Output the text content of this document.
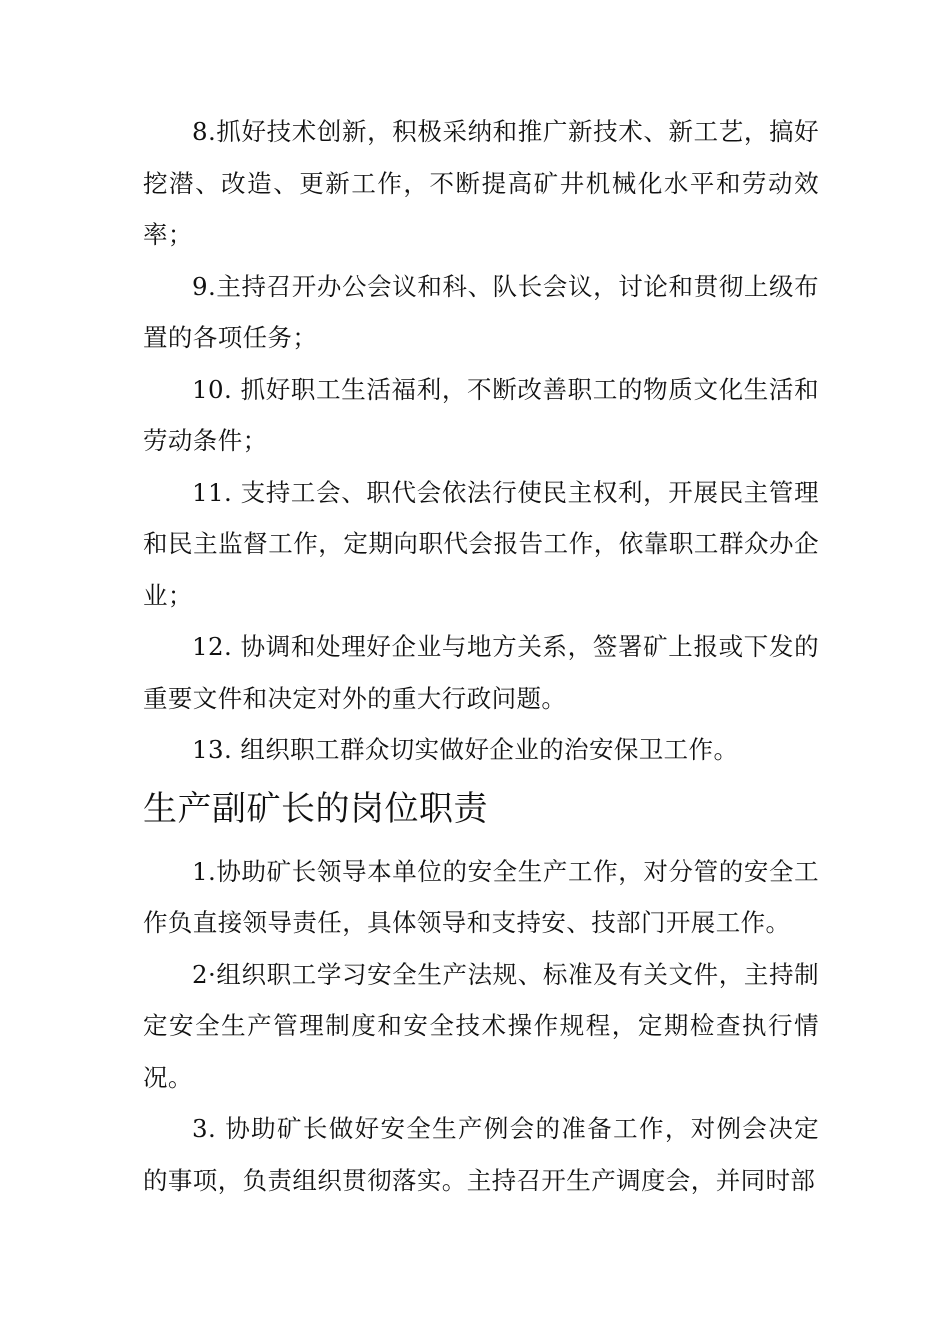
8.抓好技术创新，积极采纳和推广新技术、新工艺，搞好挖潜、改造、更新工作，不断提高矿井机械化水平和劳动效率；

9.主持召开办公会议和科、队长会议，讨论和贯彻上级布置的各项任务；

10. 抓好职工生活福利，不断改善职工的物质文化生活和劳动条件；

11. 支持工会、职代会依法行使民主权利，开展民主管理和民主监督工作，定期向职代会报告工作，依靠职工群众办企业；

12. 协调和处理好企业与地方关系，签署矿上报或下发的重要文件和决定对外的重大行政问题。

13. 组织职工群众切实做好企业的治安保卫工作。

生产副矿长的岗位职责

1.协助矿长领导本单位的安全生产工作，对分管的安全工作负直接领导责任，具体领导和支持安、技部门开展工作。

2·组织职工学习安全生产法规、标准及有关文件，主持制定安全生产管理制度和安全技术操作规程，定期检查执行情况。

3. 协助矿长做好安全生产例会的准备工作，对例会决定的事项，负责组织贯彻落实。主持召开生产调度会，并同时部
